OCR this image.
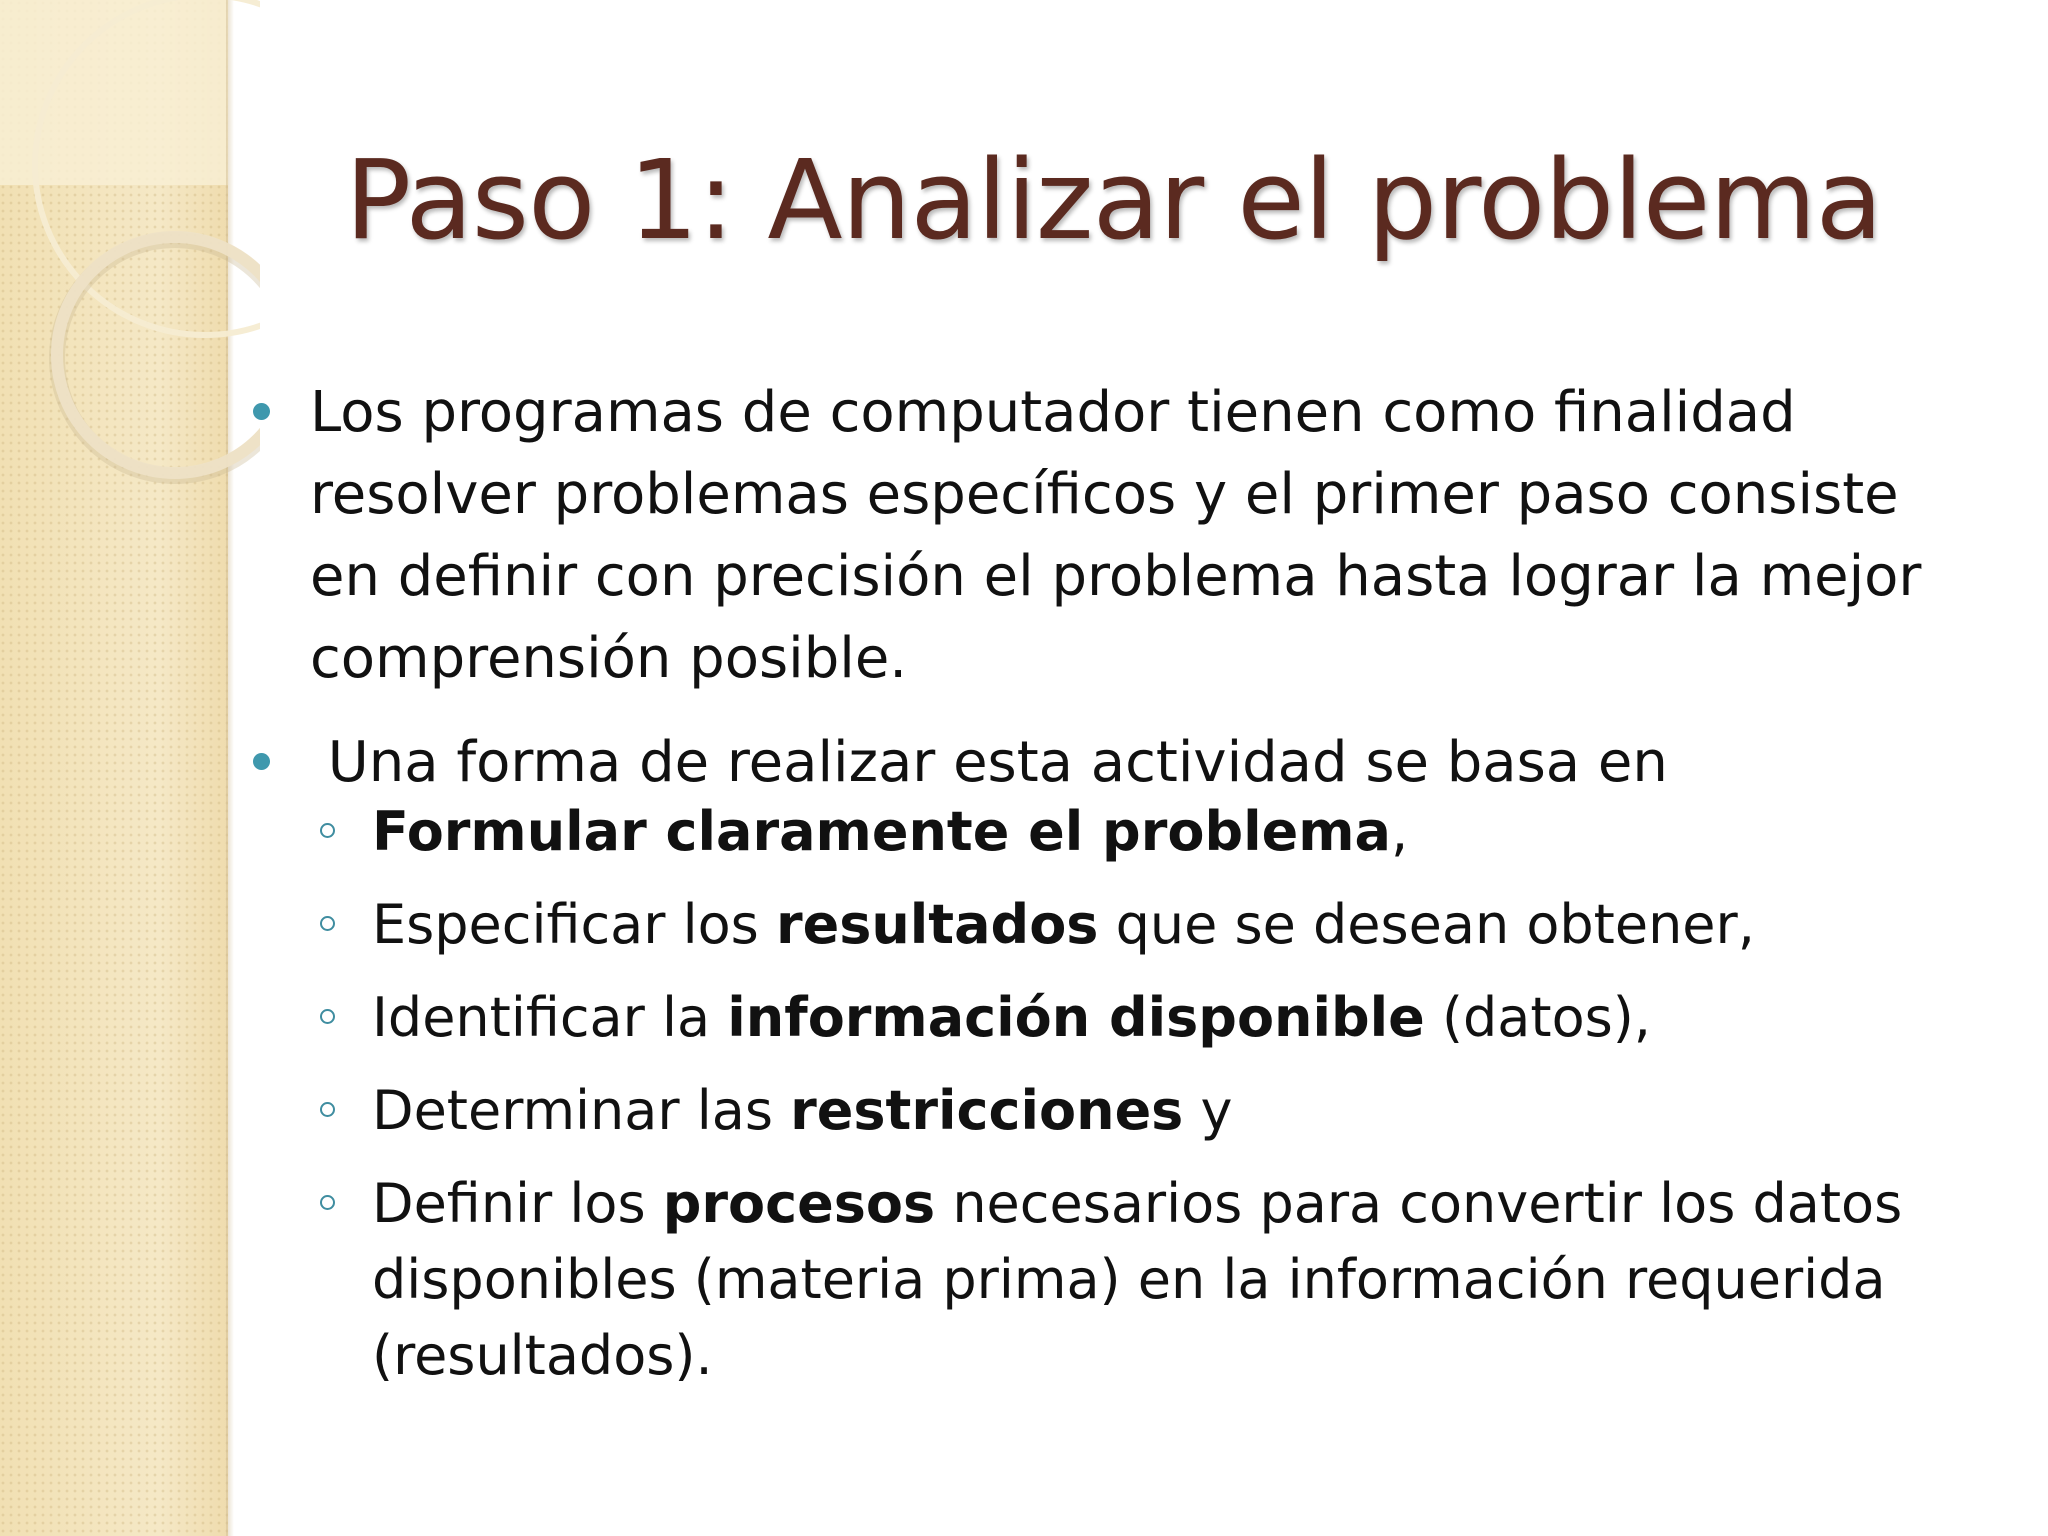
Paso 1: Analizar el problema
Los programas de computador tienen como finalidad resolver problemas específicos y el primer paso consiste en definir con precisión el problema hasta lograr la mejor comprensión posible.
Una forma de realizar esta actividad se basa en
Formular claramente el problema,
Especificar los resultados que se desean obtener,
Identificar la información disponible (datos),
Determinar las restricciones y
Definir los procesos necesarios para convertir los datos disponibles (materia prima) en la información requerida (resultados).
